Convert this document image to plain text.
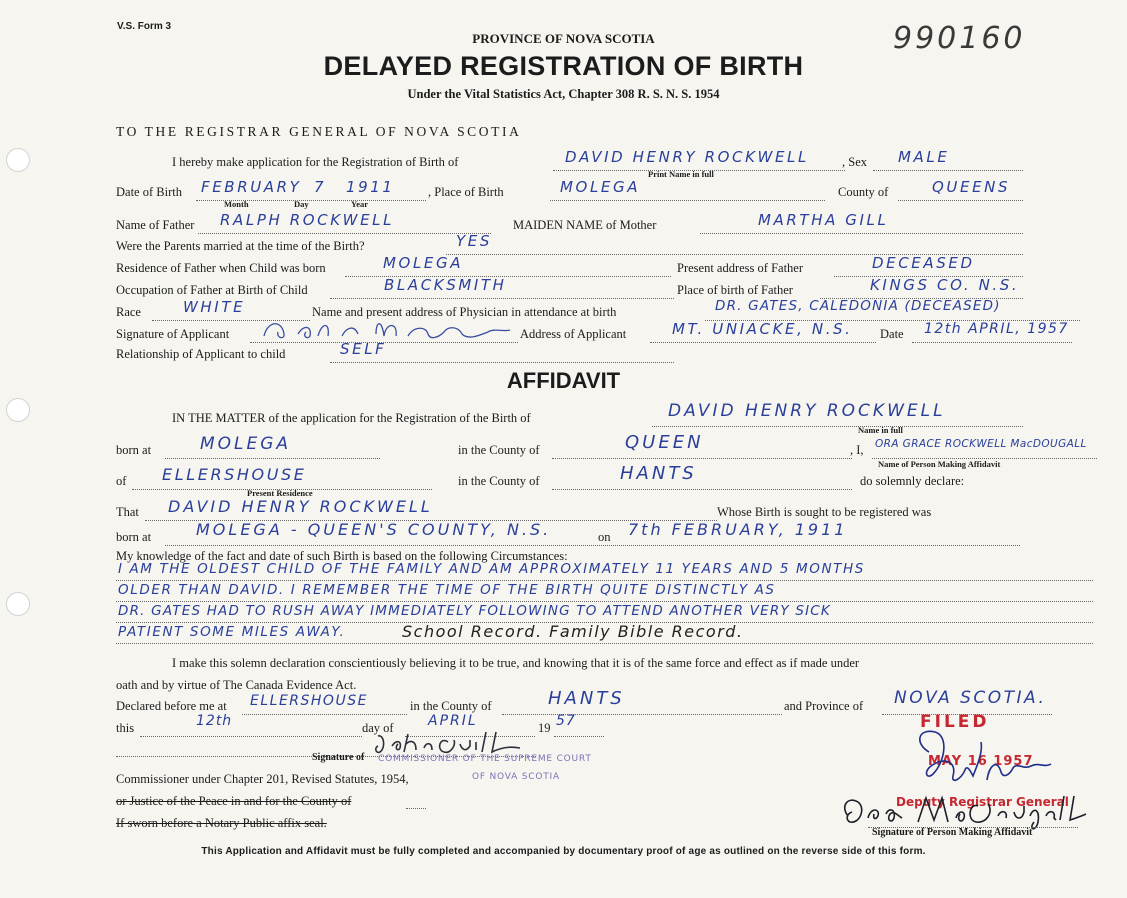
V.S. Form 3	990160
PROVINCE OF NOVA SCOTIA
DELAYED REGISTRATION OF BIRTH
Under the Vital Statistics Act, Chapter 308 R. S. N. S. 1954
TO THE REGISTRAR GENERAL OF NOVA SCOTIA
I hereby make application for the Registration of Birth of	DAVID HENRY ROCKWELL
Print Name in full
, Sex MALE
Date of Birth FEBRUARY 7 1911
Month	Day	Year
, Place of Birth	MOLEGA	County of	QUEENS
Name of Father RALPH ROCKWELL	MAIDEN NAME of Mother	MARTHA GILL
Were the Parents married at the time of the Birth?	YES
Residence of Father when Child was born	MOLEGA	Present address of Father	DECEASED
Occupation of Father at Birth of Child	BLACKSMITH	Place of birth of Father	KINGS CO. N.S.
Race	WHITE	Name and present address of Physician in attendance at birth	DR. GATES, CALEDONIA (DECEASED)
Signature of Applicant	Address of Applicant	MT. UNIACKE, N.S. Date 12th APRIL, 1957
Relationship of Applicant to child	SELF
AFFIDAVIT
IN THE MATTER of the application for the Registration of the Birth of	DAVID HENRY ROCKWELL
Name in full
born at	MOLEGA	in the County of	QUEEN	, I, ORA GRACE ROCKWELL MacDOUGALL
Name of Person Making Affidavit
of ELLERSHOUSE
Present Residence
in the County of	HANTS	do solemnly declare:
That DAVID HENRY ROCKWELL	Whose Birth is sought to be registered was
born at	MOLEGA - QUEEN'S COUNTY, N.S.	on 7th FEBRUARY, 1911
My knowledge of the fact and date of such Birth is based on the following Circumstances:
I AM THE OLDEST CHILD OF THE FAMILY AND AM APPROXIMATELY 11 YEARS AND 5 MONTHS
OLDER THAN DAVID. I REMEMBER THE TIME OF THE BIRTH QUITE DISTINCTLY AS
DR. GATES HAD TO RUSH AWAY IMMEDIATELY FOLLOWING TO ATTEND ANOTHER VERY SICK
PATIENT SOME MILES AWAY.	School Record. Family Bible Record.
I make this solemn declaration conscientiously believing it to be true, and knowing that it is of the same force and effect as if made under
oath and by virtue of The Canada Evidence Act.
Declared before me at ELLERSHOUSE	in the County of	HANTS	and Province of NOVA SCOTIA.
this	12th	day of APRIL	19 57
Signature of COMMISSIONER OF THE SUPREME COURT
Commissioner under Chapter 201, Revised Statutes, 1954,	OF NOVA SCOTIA
or Justice of the Peace in and for the County of
If sworn before a Notary Public affix seal.
FILED
MAY 16 1957
Deputy Registrar General
Signature of Person Making Affidavit
This Application and Affidavit must be fully completed and accompanied by documentary proof of age as outlined on the reverse side of this form.
